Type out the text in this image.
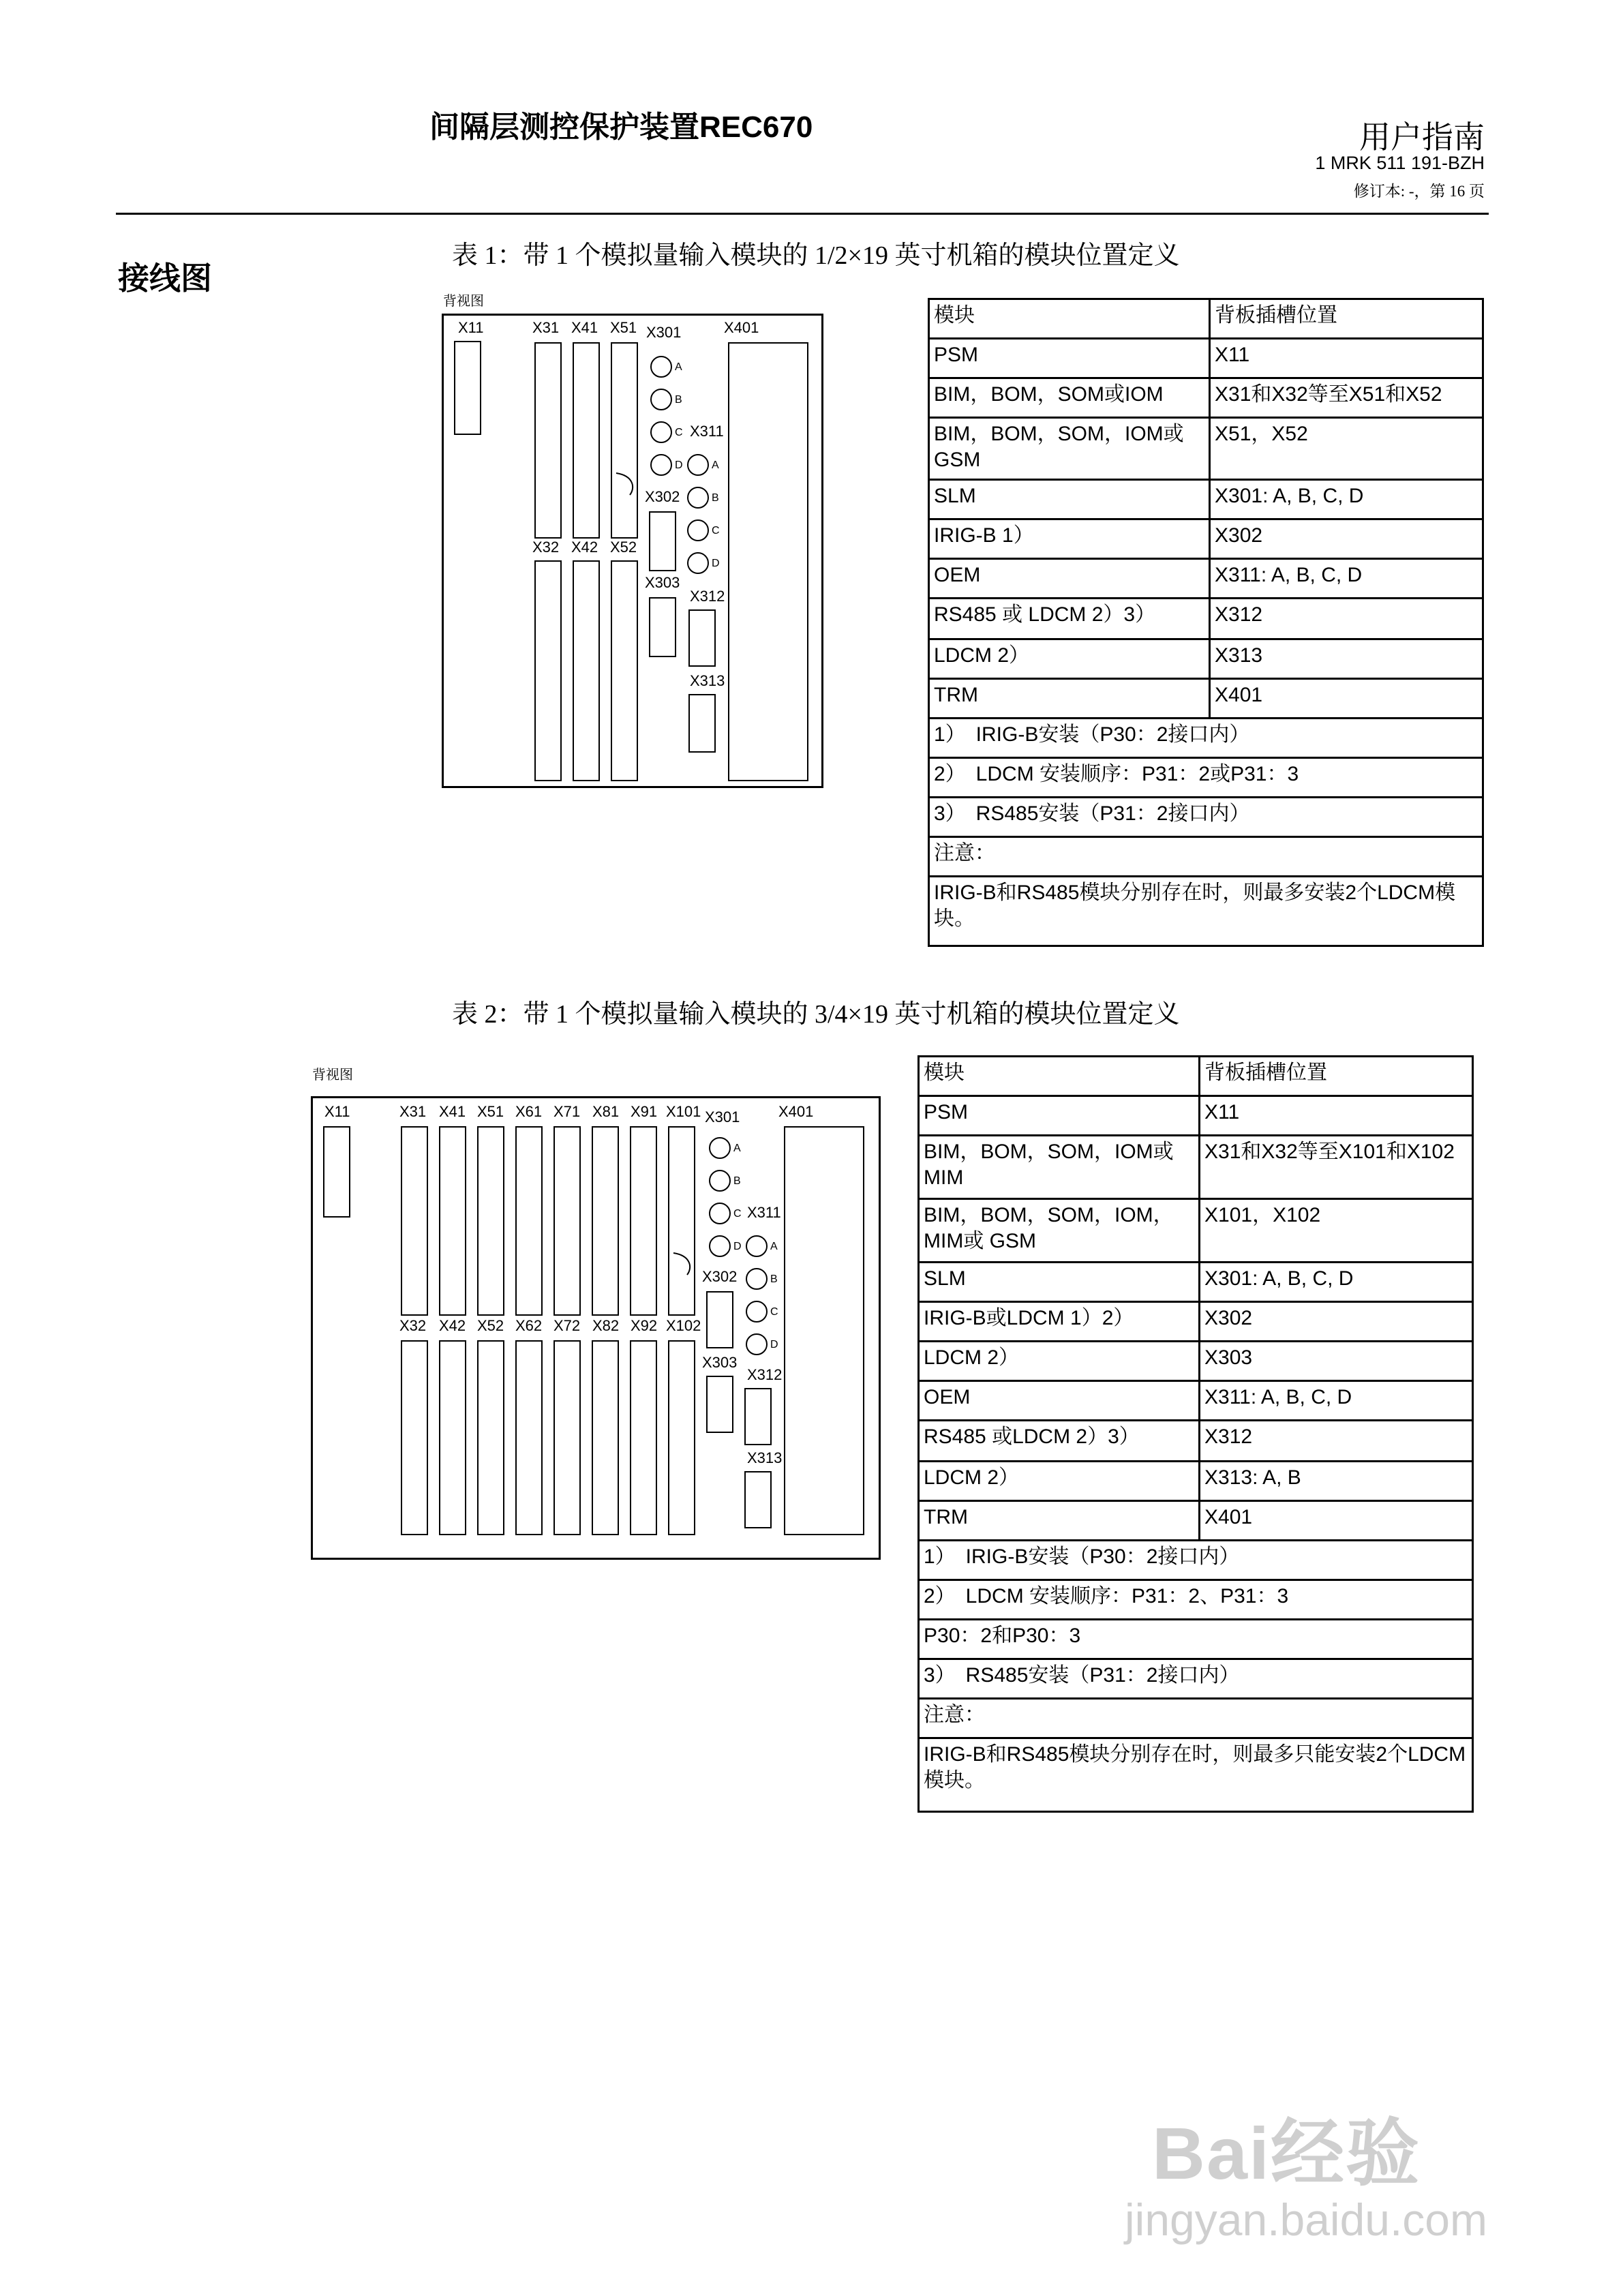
间隔层测控保护装置REC670	用户指南
1 MRK 511 191-BZH
修订本: -，第 16 页
接线图
表 1：带 1 个模拟量输入模块的 1/2×19 英寸机箱的模块位置定义
背视图
X11	X31 X41 X51 X301	X401
X32 X42 X52
A
B
C X311
D	A
B
C
D
X302
X303
X312
X313
模块	背板插槽位置
PSM	X11
BIM，BOM，SOM或IOM	X31和X32等至X51和X52
BIM，BOM，SOM，IOM或GSM	X51，X52
SLM	X301: A, B, C, D
IRIG-B 1）	X302
OEM	X311: A, B, C, D
RS485 或 LDCM 2）3）	X312
LDCM 2）	X313
TRM	X401
1）　IRIG-B安装（P30：2接口内）	
2）　LDCM 安装顺序：P31：2或P31：3	
3）　RS485安装（P31：2接口内）	
注意：	
IRIG-B和RS485模块分别存在时，则最多安装2个LDCM模块。	
表 2：带 1 个模拟量输入模块的 3/4×19 英寸机箱的模块位置定义
背视图
X11	X31 X41 X51 X61 X71 X81 X91 X101 X301	X401
X32 X42 X52 X62 X72 X82 X92 X102
A
B
C X311
D	A
B
C
D
X302
X303
X312
X313
模块	背板插槽位置
PSM	X11
BIM，BOM，SOM，IOM或MIM	X31和X32等至X101和X102
BIM，BOM，SOM，IOM，MIM或 GSM	X101，X102
SLM	X301: A, B, C, D
IRIG-B或LDCM 1）2）	X302
LDCM 2）	X303
OEM	X311: A, B, C, D
RS485 或LDCM 2）3）	X312
LDCM 2）	X313: A, B
TRM	X401
1）　IRIG-B安装（P30：2接口内）	
2）　LDCM 安装顺序：P31：2、P31：3	
P30：2和P30：3	
3）　RS485安装（P31：2接口内）	
注意：	
IRIG-B和RS485模块分别存在时，则最多只能安装2个LDCM模块。	
Bai经验
jingyan.baidu.com
